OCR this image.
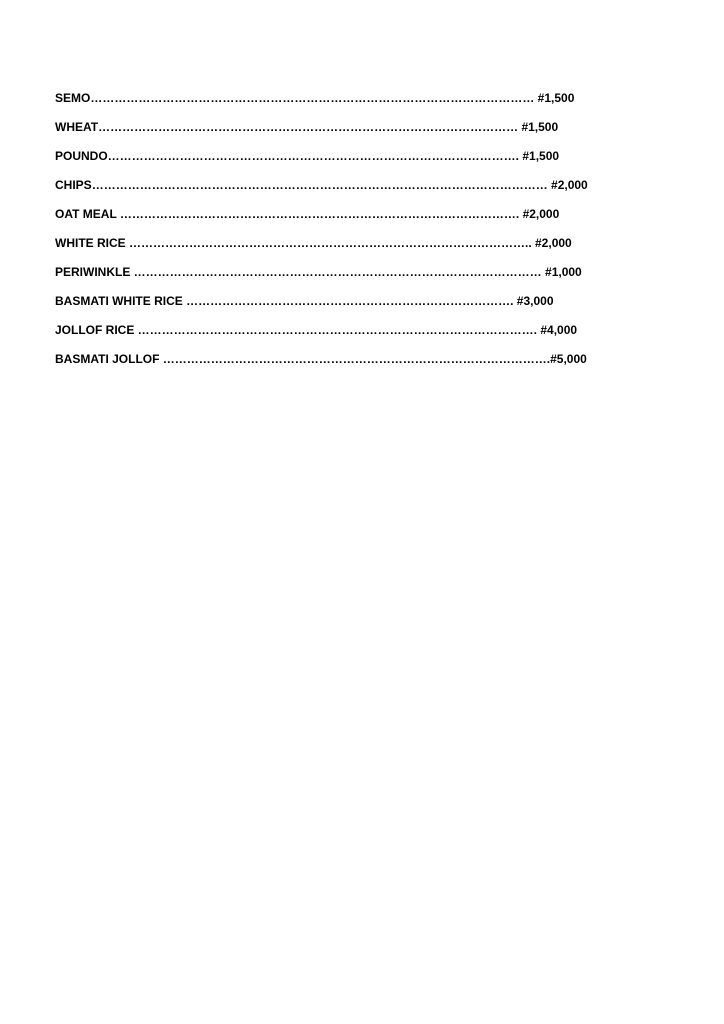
SEMO………………………………………………………………………………………………… #1,500
WHEAT…………………………………………………………………………………………… #1,500
POUNDO…………………………………………………………………………………………. #1,500
CHIPS…………………………………………………………………………………………………… #2,000
OAT MEAL ………………………………………………………………………………………. #2,000
WHITE RICE ……………………………………………………………………………………….. #2,000
PERIWINKLE ………………………………………………………………………………………… #1,000
BASMATI WHITE RICE ………………………………………………………………………. #3,000
JOLLOF RICE ………………………………………………………………………………………. #4,000
BASMATI JOLLOF …………………………………………………………………………………….#5,000
